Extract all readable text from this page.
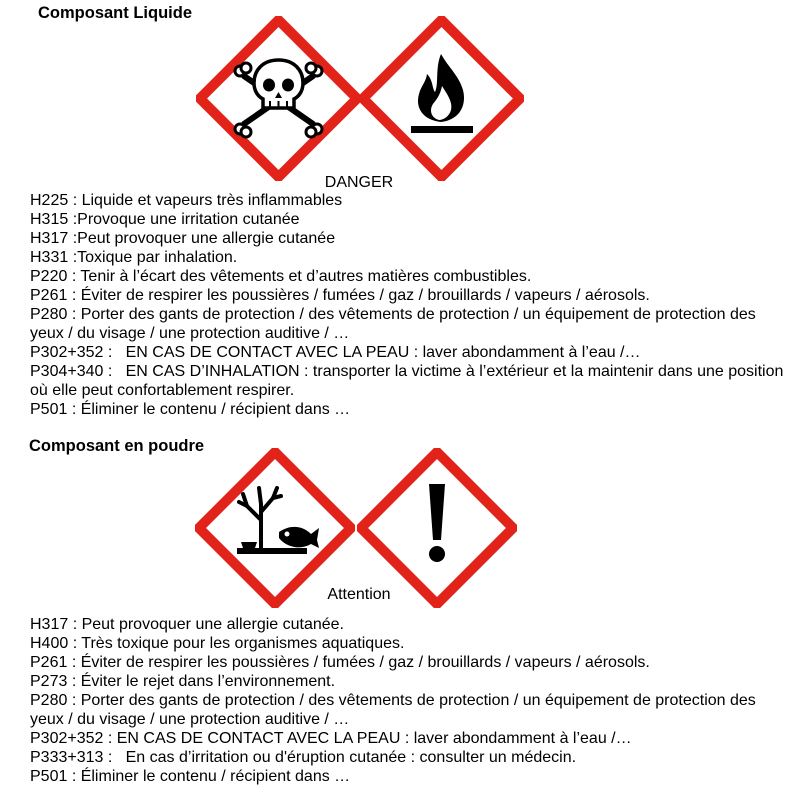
Composant Liquide
DANGER
H225 : Liquide et vapeurs très inflammables
H315 :Provoque une irritation cutanée
H317 :Peut provoquer une allergie cutanée
H331 :Toxique par inhalation.
P220 : Tenir à l’écart des vêtements et d’autres matières combustibles.
P261 : Éviter de respirer les poussières / fumées / gaz / brouillards / vapeurs / aérosols.
P280 : Porter des gants de protection / des vêtements de protection / un équipement de protection des yeux / du visage / une protection auditive / …
P302+352 :   EN CAS DE CONTACT AVEC LA PEAU : laver abondamment à l’eau /…
P304+340 :   EN CAS D’INHALATION : transporter la victime à l’extérieur et la maintenir dans une position où elle peut confortablement respirer.
P501 : Éliminer le contenu / récipient dans …
Composant en poudre
Attention
H317 : Peut provoquer une allergie cutanée.
H400 : Très toxique pour les organismes aquatiques.
P261 : Éviter de respirer les poussières / fumées / gaz / brouillards / vapeurs / aérosols.
P273 : Éviter le rejet dans l’environnement.
P280 : Porter des gants de protection / des vêtements de protection / un équipement de protection des yeux / du visage / une protection auditive / …
P302+352 : EN CAS DE CONTACT AVEC LA PEAU : laver abondamment à l’eau /…
P333+313 :   En cas d’irritation ou d'éruption cutanée : consulter un médecin.
P501 : Éliminer le contenu / récipient dans …
